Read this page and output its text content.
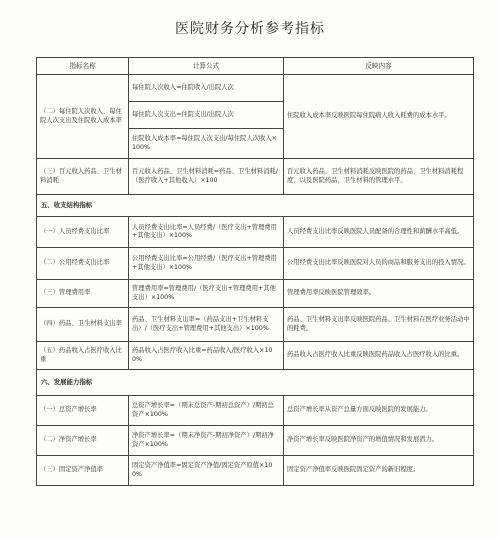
医院财务分析参考指标
指标名称	计算公式	反映内容
（二）每住院人次收入、每住院人次支出及住院收入成本率	每住院人次收入=住院收入/出院人次	住院收入成本率反映医院每住院病人收入耗费的成本水平。
	每住院人次支出=住院支出/出院人次	
	住院收入成本率=每住院人次支出/每住院人次收入×100%	
（三）百元收入药品、卫生材料消耗	百元收入药品、卫生材料消耗=药品、卫生材料消耗/（医疗收入+其他收入）×100	百元收入药品、卫生材料消耗反映医院的药品、卫生材料消耗程度，以及医院药品、卫生材料的管理水平。
五、收支结构指标		
（一）人员经费支出比率	人员经费支出比率=人员经费/（医疗支出+管理费用+其他支出）×100%	人员经费支出比率反映医院人员配备的合理性和薪酬水平高低。
（二）公用经费支出比率	公用经费支出比率=公用经费/（医疗支出+管理费用+其他支出）×100%	公用经费支出比率反映医院对人员的商品和服务支出的投入情况。
（三）管理费用率	管理费用率=管理费用/（医疗支出+管理费用+其他支出）×100%	管理费用率反映医院管理效率。
（四）药品、卫生材料支出率	药品、卫生材料支出率=（药品支出+卫生材料支出）/（医疗支出+管理费用+其他支出）×100%	药品、卫生材料支出率反映医院药品、卫生材料在医疗业务活动中的耗费。
（五）药品收入占医疗收入比重	药品收入占医疗收入比重=药品收入/医疗收入×100%	药品收入占医疗收入比重反映医院药品收入占医疗收入的比重。
六、发展能力指标		
（一）总资产增长率	总资产增长率=（期末总资产-期初总资产）/期初总资产×100%	总资产增长率从资产总量方面反映医院的发展能力。
（二）净资产增长率	净资产增长率=（期末净资产-期初净资产）/期初净资产×100%	净资产增长率反映医院净资产的增值情况和发展潜力。
（三）固定资产净值率	固定资产净值率=固定资产净值/固定资产原值×100%	固定资产净值率反映医院固定资产的新旧程度。
